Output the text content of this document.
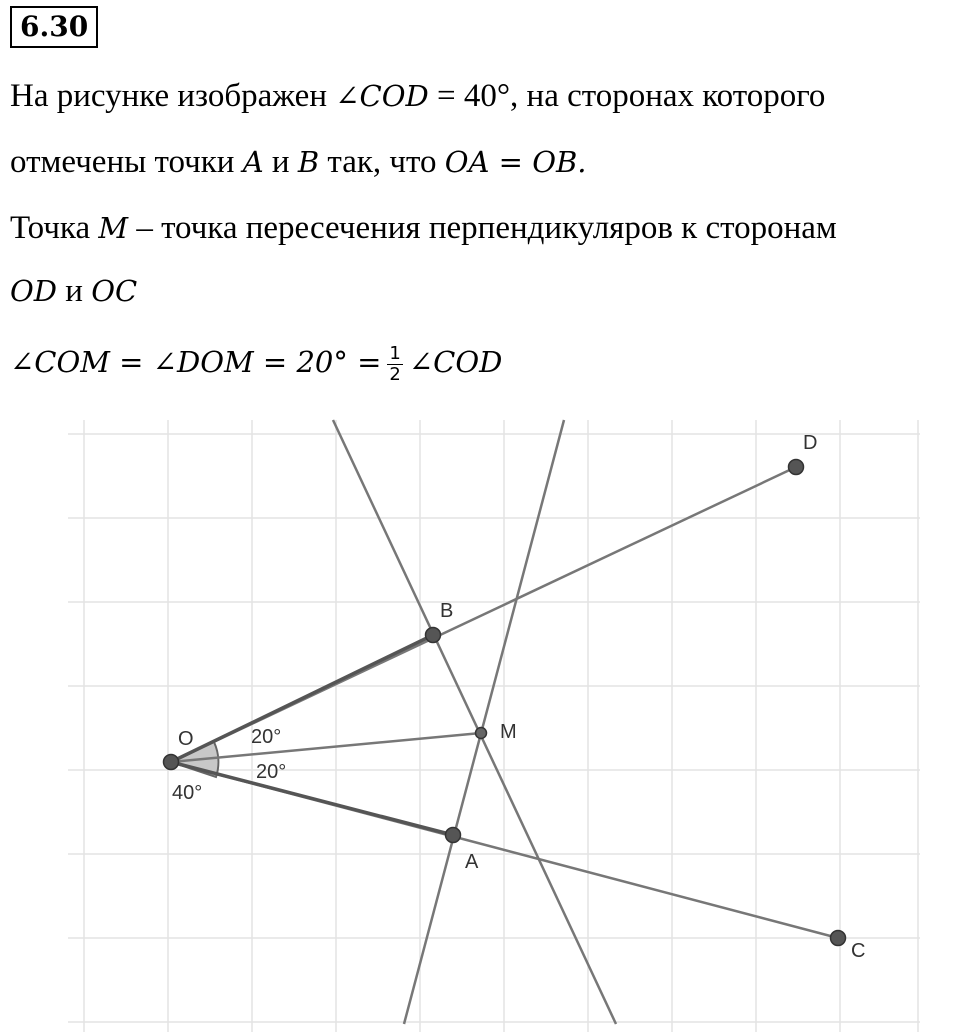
6.30
На рисунке изображен ∠COD = 40°, на сторонах которого
отмечены точки A и B так, что OA = OB.
Точка M – точка пересечения перпендикуляров к сторонам
OD и OC
∠COM = ∠DOM = $20^\circ = \frac{1}{2}$ ∠COD
O
B
A
D
C
M
20°
20°
40°
